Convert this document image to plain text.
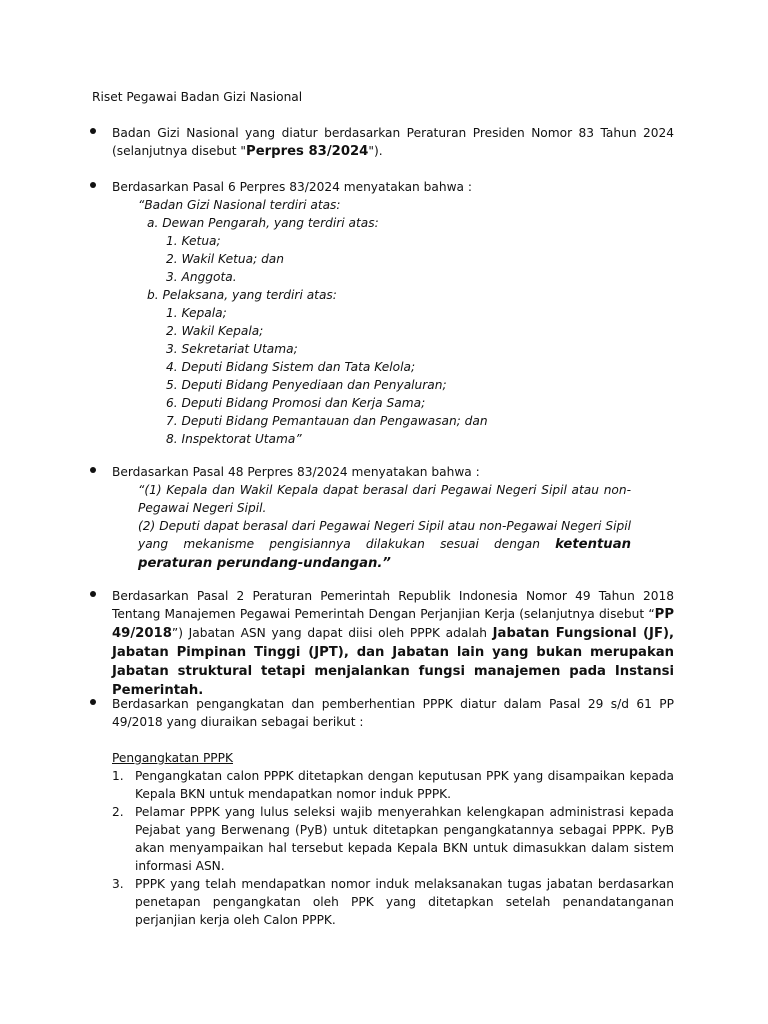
Riset Pegawai Badan Gizi Nasional
Badan Gizi Nasional yang diatur berdasarkan Peraturan Presiden Nomor 83 Tahun 2024 (selanjutnya disebut "Perpres 83/2024").
Berdasarkan Pasal 6 Perpres 83/2024 menyatakan bahwa :
“Badan Gizi Nasional terdiri atas:
a. Dewan Pengarah, yang terdiri atas:
1. Ketua;
2. Wakil Ketua; dan
3. Anggota.
b. Pelaksana, yang terdiri atas:
1. Kepala;
2. Wakil Kepala;
3. Sekretariat Utama;
4. Deputi Bidang Sistem dan Tata Kelola;
5. Deputi Bidang Penyediaan dan Penyaluran;
6. Deputi Bidang Promosi dan Kerja Sama;
7. Deputi Bidang Pemantauan dan Pengawasan; dan
8. Inspektorat Utama”
Berdasarkan Pasal 48 Perpres 83/2024 menyatakan bahwa :
“(1) Kepala dan Wakil Kepala dapat berasal dari Pegawai Negeri Sipil atau non-Pegawai Negeri Sipil.
(2) Deputi dapat berasal dari Pegawai Negeri Sipil atau non-Pegawai Negeri Sipil yang mekanisme pengisiannya dilakukan sesuai dengan ketentuan peraturan perundang-undangan.”
Berdasarkan Pasal 2 Peraturan Pemerintah Republik Indonesia Nomor 49 Tahun 2018 Tentang Manajemen Pegawai Pemerintah Dengan Perjanjian Kerja (selanjutnya disebut “PP 49/2018”) Jabatan ASN yang dapat diisi oleh PPPK adalah Jabatan Fungsional (JF), Jabatan Pimpinan Tinggi (JPT), dan Jabatan lain yang bukan merupakan Jabatan struktural tetapi menjalankan fungsi manajemen pada Instansi Pemerintah.
Berdasarkan pengangkatan dan pemberhentian PPPK diatur dalam Pasal 29 s/d 61 PP 49/2018 yang diuraikan sebagai berikut :
Pengangkatan PPPK
1. Pengangkatan calon PPPK ditetapkan dengan keputusan PPK yang disampaikan kepada Kepala BKN untuk mendapatkan nomor induk PPPK.
2. Pelamar PPPK yang lulus seleksi wajib menyerahkan kelengkapan administrasi kepada Pejabat yang Berwenang (PyB) untuk ditetapkan pengangkatannya sebagai PPPK. PyB akan menyampaikan hal tersebut kepada Kepala BKN untuk dimasukkan dalam sistem informasi ASN.
3. PPPK yang telah mendapatkan nomor induk melaksanakan tugas jabatan berdasarkan penetapan pengangkatan oleh PPK yang ditetapkan setelah penandatanganan perjanjian kerja oleh Calon PPPK.
